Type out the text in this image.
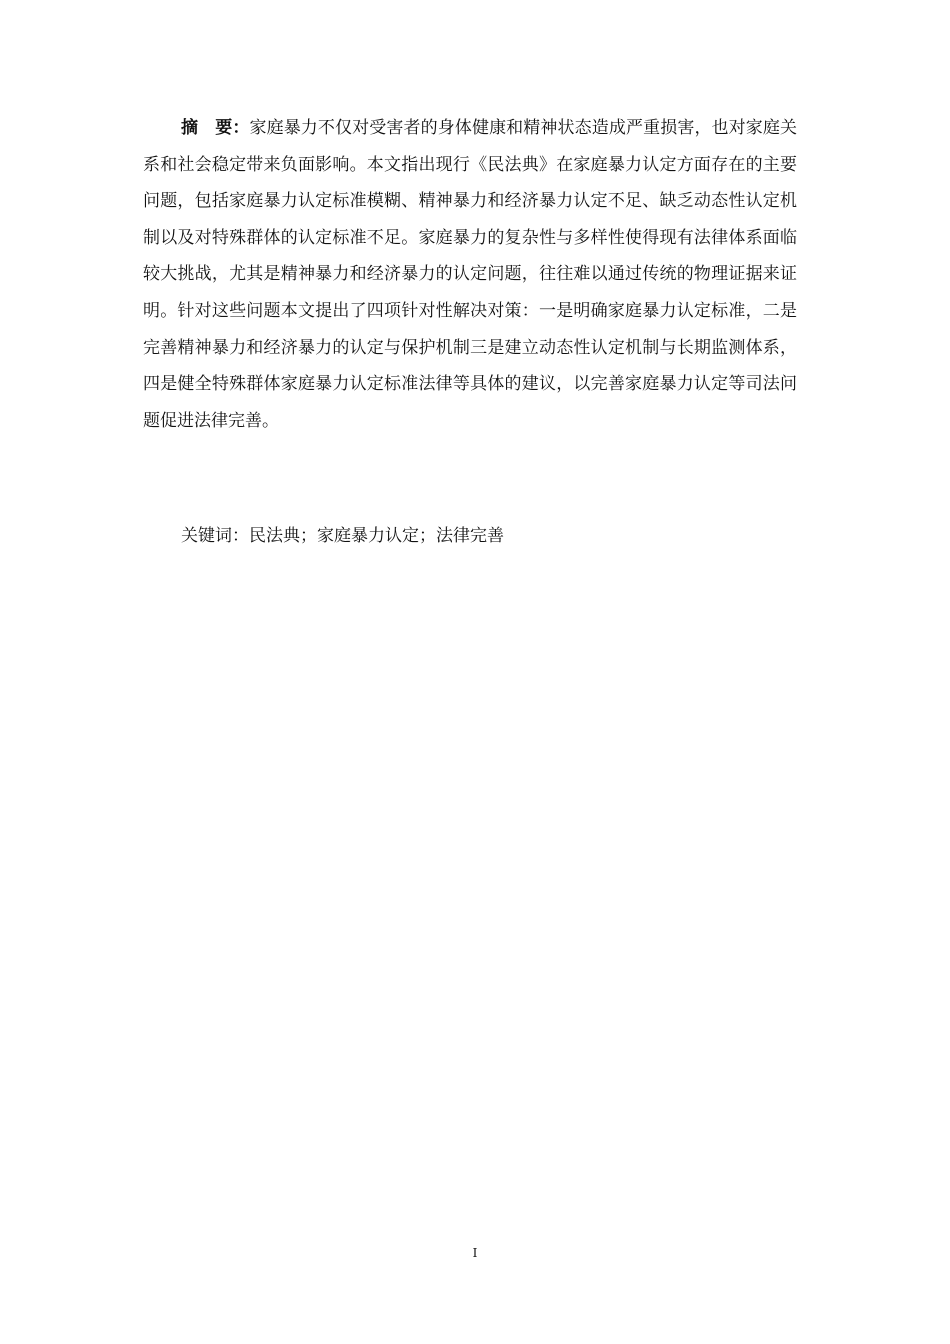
摘　要：家庭暴力不仅对受害者的身体健康和精神状态造成严重损害，也对家庭关系和社会稳定带来负面影响。本文指出现行《民法典》在家庭暴力认定方面存在的主要问题，包括家庭暴力认定标准模糊、精神暴力和经济暴力认定不足、缺乏动态性认定机制以及对特殊群体的认定标准不足。家庭暴力的复杂性与多样性使得现有法律体系面临较大挑战，尤其是精神暴力和经济暴力的认定问题，往往难以通过传统的物理证据来证明。针对这些问题本文提出了四项针对性解决对策：一是明确家庭暴力认定标准，二是完善精神暴力和经济暴力的认定与保护机制三是建立动态性认定机制与长期监测体系，四是健全特殊群体家庭暴力认定标准法律等具体的建议，以完善家庭暴力认定等司法问题促进法律完善。

关键词：民法典；家庭暴力认定；法律完善

I
